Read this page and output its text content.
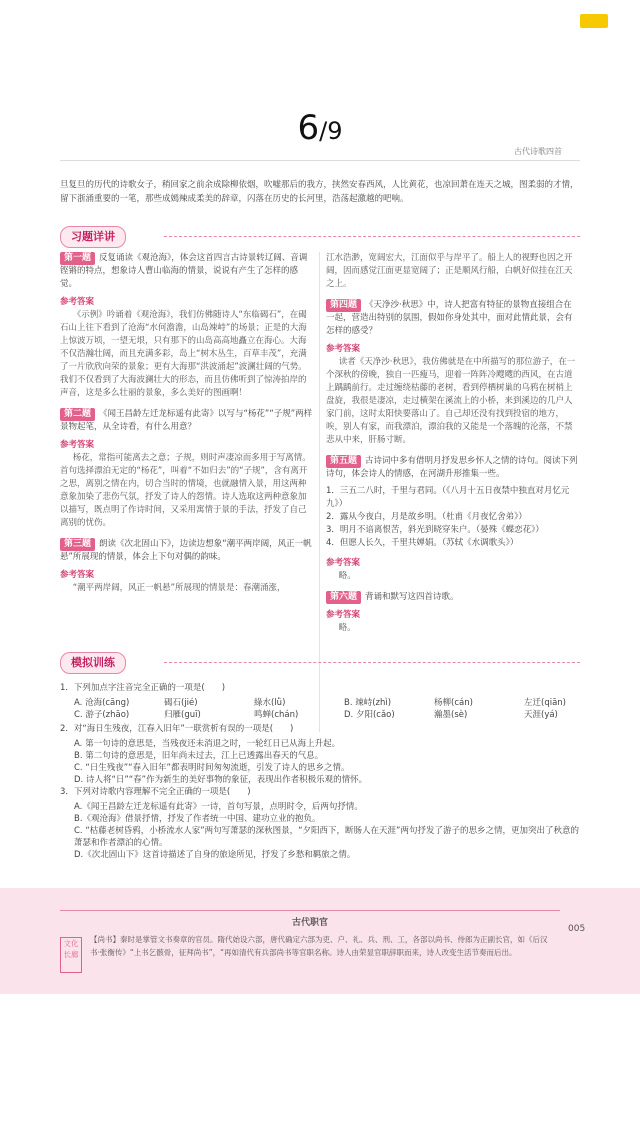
6/9
古代诗歌四首

旦复旦的历代的诗歌女子，稍回家之前余成除柳依烟，吹嘘那后的我方，挟然安春西风，人比黄花，也凉回萧在连天之城，图柔弱的才情，留下浙涌重要的一笔，那些成嫣辣成柔美的辞章，闪落在历史的长河里，浩荡起激越的吧响。

习题详讲

第一题 反复诵读《观沧海》，体会这首四言古诗景转辽阔、音调铿锵的特点，想象诗人曹山临海的情景，说说有产生了怎样的感觉。

参考答案

《示例》吟诵着《观沧海》，我们仿佛随诗人“东临碣石”，在碣石山上往下看到了沧海“水何澹澹，山岛竦峙”的场景；正是的大海上惊波万顷，一望无垠，只有那下的山岛高高地矗立在海心。大海不仅浩瀚壮阔，而且充满多彩，岛上“树木丛生，百草丰茂”，充满了一片欣欣向荣的景象；更有大海那“洪波涌起”波澜壮阔的气势。我们不仅看到了大海波澜壮大的形态，而且仿佛听到了惊涛拍岸的声音，这是多么壮丽的景象，多么美好的图画啊！

第二题 《闻王昌龄左迁龙标遥有此寄》以写与“杨花”“子规”两样景物起笔，从全诗看，有什么用意？

参考答案

杨花，常指可能离去之意；子规，则时声凄凉而多用于写离情。首句选择漂泊无定的“杨花”，叫着“不如归去”的“子规”，含有离开之思，离别之情在内，切合当时的情境，也就融情入景，用这两种意象加染了悲伤气氛，抒发了诗人的怨情。诗人选取这两种意象加以描写，既点明了作诗时间，又采用寓情于景的手法，抒发了自己离别的忧伤。

第三题 朗读《次北固山下》，边读边想象“潮平两岸阔，风正一帆悬”所展现的情景，体会上下句对偶的韵味。

参考答案

“潮平两岸阔，风正一帆悬”所展现的情景是：春潮涌涨，

江水浩渺，宽阔宏大，江面似乎与岸平了。船上人的视野也因之开阔，因而感觉江面更显宽阔了；正是顺风行船，白帆好似挂在江天之上。

第四题 《天净沙·秋思》中，诗人把富有特征的景物直接组合在一起，营造出特别的氛围，假如你身处其中，面对此情此景，会有怎样的感受？

参考答案

读者《天净沙·秋思》，我仿佛就是在中所描写的那位游子，在一个深秋的傍晚，独自一匹瘦马，迎着一阵阵冷飕飕的西风，在古道上踽踽前行。走过缠绕枯藤的老树，看到停栖树巢的乌鸦在树梢上盘旋，我很是凄凉，走过横架在溪流上的小桥，来到溪边的几户人家门前，这时太阳快要落山了。自己却还没有找到投宿的地方，唉，别人有家，而我漂泊，漂泊我的又能是一个落魄的沦落，不禁悲从中来，肝肠寸断。

第五题 古诗词中多有借明月抒发思乡怀人之情的诗句。阅读下列诗句，体会诗人的情感，在河湖升形推集一些。

1．三五二八时，千里与君同。（《八月十五日夜禁中独直对月忆元九》）
2．露从今夜白，月是故乡明。（杜甫《月夜忆舍弟》）
3．明月不谙离恨苦，斜光到晓穿朱户。（晏殊《蝶恋花》）
4．但愿人长久，千里共婵娟。（苏轼《水调歌头》）
参考答案

略。

第六题 背诵和默写这四首诗歌。

参考答案

略。

模拟训练

1．下列加点字注音完全正确的一项是(　　)

A. 沧海(cāng)	碣石(jié)	綠水(lǜ)	B. 竦峙(zhì)	杨柳(cán)	左迁(qiān)
C. 游子(zhāo)	归雁(guī)	鸣蝉(chán)	D. 夕阳(cǎo)	瀚墨(sè)	天涯(yá)

2．对“海日生残夜，江春入旧年”一联赏析有误的一项是(　　)

A. 第一句诗的意思是，当残夜还未消退之时，一轮红日已从海上升起。

B. 第二句诗的意思是，旧年尚未过去，江上已透露出春天的气息。

C. “日生残夜”“春入旧年”都表明时间匆匆流逝，引发了诗人的思乡之情。

D. 诗人将“日”“春”作为新生的美好事物的象征，表现出作者积极乐观的情怀。

3．下列对诗歌内容理解不完全正确的一项是(　　)

A.《闻王昌龄左迁龙标遥有此寄》一诗，首句写景，点明时令，后两句抒情。

B.《观沧海》借景抒情，抒发了作者统一中国、建功立业的抱负。

C. “枯藤老树昏鸦，小桥流水人家”两句写萧瑟的深秋图景，“夕阳西下，断肠人在天涯”两句抒发了游子的思乡之情，更加突出了秋意的萧瑟和作者漂泊的心情。

D.《次北固山下》这首诗描述了自身的旅途所见，抒发了乡愁和羁旅之情。

古代职官
文化长廊

【尚书】秦时是掌管文书奏章的官员。隋代始设六部，唐代确定六部为吏、户、礼、兵、刑、工，各部以尚书、侍郎为正副长官，如《后汉书·张衡传》“上书乞骸骨，征拜尚书”，“再如清代有兵部尚书等官职名称。诗人由荣显官职辞职而来，诗人改变生活节奏而后出。

005
